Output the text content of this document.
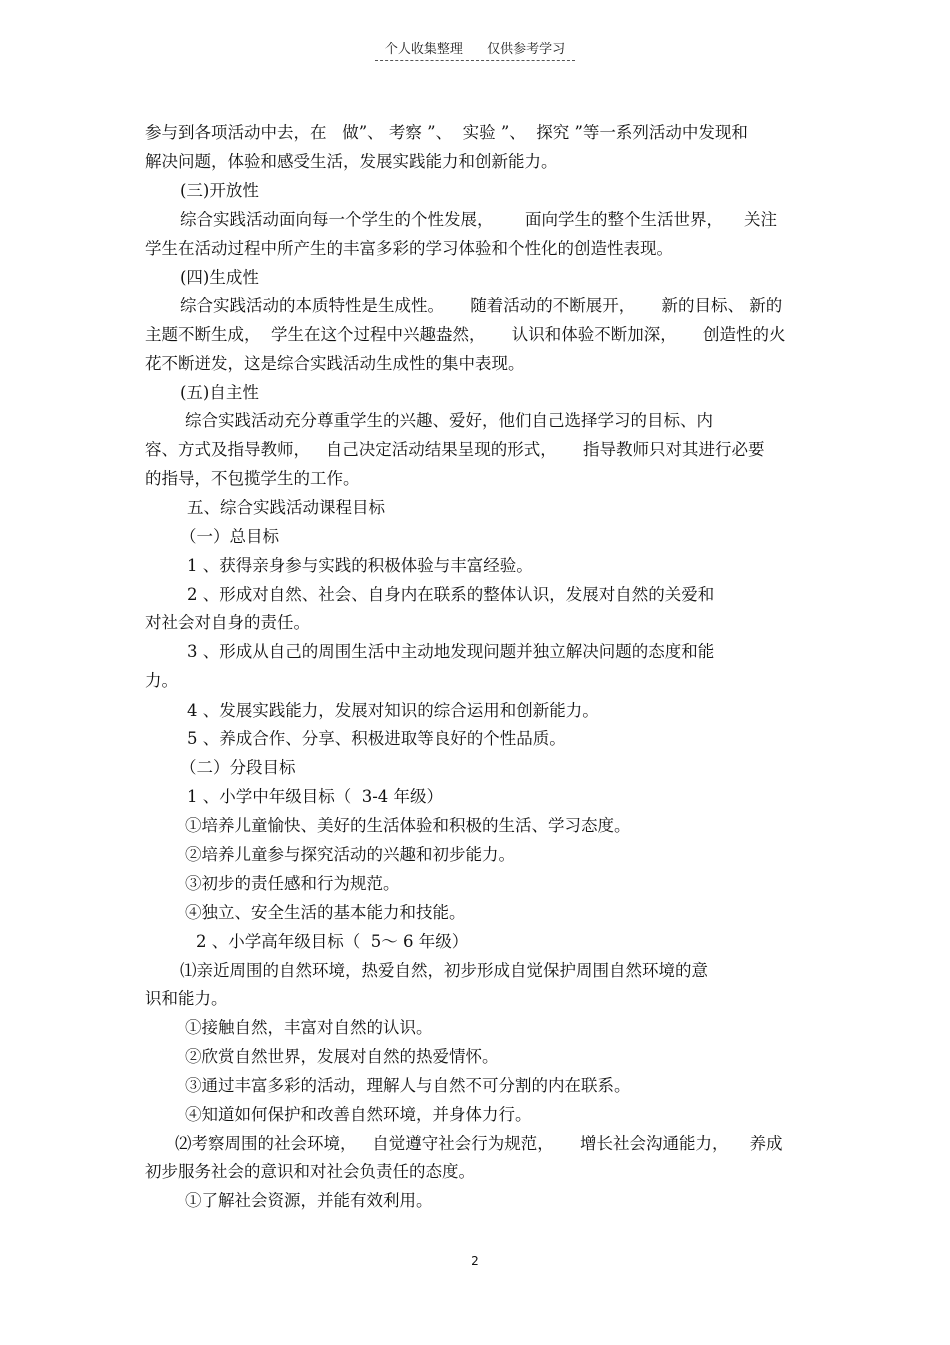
个人收集整理 仅供参考学习
参与到各项活动中去，在   做”、 考察 ”、  实验 ”、  探究 ”等一系列活动中发现和
解决问题，体验和感受生活，发展实践能力和创新能力。
(三)开放性
综合实践活动面向每一个学生的个性发展，      面向学生的整个生活世界，    关注
学生在活动过程中所产生的丰富多彩的学习体验和个性化的创造性表现。
(四)生成性
综合实践活动的本质特性是生成性。     随着活动的不断展开，     新的目标、 新的
主题不断生成，  学生在这个过程中兴趣盎然，     认识和体验不断加深，     创造性的火
花不断迸发，这是综合实践活动生成性的集中表现。
(五)自主性
综合实践活动充分尊重学生的兴趣、爱好，他们自己选择学习的目标、内
容、方式及指导教师，   自己决定活动结果呈现的形式，     指导教师只对其进行必要
的指导，不包揽学生的工作。
五、综合实践活动课程目标
（一）总目标
1 、获得亲身参与实践的积极体验与丰富经验。
2 、形成对自然、社会、自身内在联系的整体认识，发展对自然的关爱和
对社会对自身的责任。
3 、形成从自己的周围生活中主动地发现问题并独立解决问题的态度和能
力。
4 、发展实践能力，发展对知识的综合运用和创新能力。
5 、养成合作、分享、积极进取等良好的个性品质。
（二）分段目标
1 、小学中年级目标（  3-4 年级）
①培养儿童愉快、美好的生活体验和积极的生活、学习态度。
②培养儿童参与探究活动的兴趣和初步能力。
③初步的责任感和行为规范。
④独立、安全生活的基本能力和技能。
2 、小学高年级目标（  5～ 6 年级）
⑴亲近周围的自然环境，热爱自然，初步形成自觉保护周围自然环境的意
识和能力。
①接触自然，丰富对自然的认识。
②欣赏自然世界，发展对自然的热爱情怀。
③通过丰富多彩的活动，理解人与自然不可分割的内在联系。
④知道如何保护和改善自然环境，并身体力行。
⑵考察周围的社会环境，   自觉遵守社会行为规范，     增长社会沟通能力，    养成
初步服务社会的意识和对社会负责任的态度。
①了解社会资源，并能有效利用。
2
